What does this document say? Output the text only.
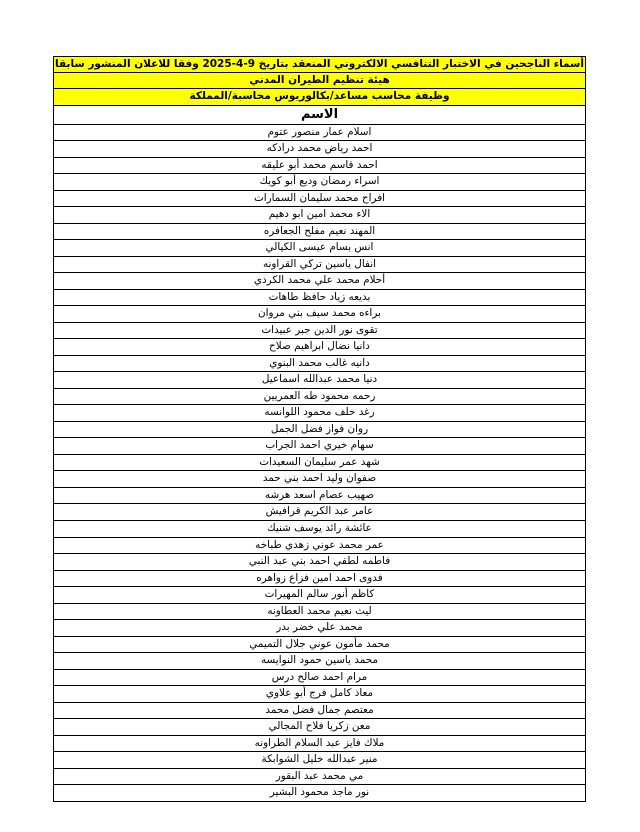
أسماء الناجحين في الاختبار التنافسي الالكتروني المنعقد بتاريخ 9-4-2025 وفقا للاعلان المنشور سابقا
هيئة تنظيم الطيران المدني
وظيفة محاسب مساعد/بكالوريوس محاسبة/المملكة
الاسم
اسلام عمار منصور عتوم
احمد رياض محمد درادكه
احمد قاسم محمد أبو عليقه
اسراء رمضان وديع أبو كويك
افراح محمد سليمان السمارات
الاء محمد امين ابو دهيم
المهند نعيم مفلح الجعافره
انس بسام عيسى الكيالي
انفال ياسين تركي القراونه
أحلام محمد علي محمد الكردي
بديعه زياد حافظ طاهات
براءه محمد سيف بني مروان
تقوى نور الدين جبر عبيدات
دانيا نضال ابراهيم صلاح
دانيه غالب محمد البنوي
دنيا محمد عبدالله اسماعيل
رحمه محمود طه العمريين
رغد خلف محمود اللوانسه
روان فواز فضل الجمل
سهام خيري احمد الجراب
شهد عمر سليمان السعيدات
صفوان وليد احمد بني حمد
صهيب عصام اسعد هرشه
عامر عبد الكريم قرافيش
عائشة رائد يوسف شنيك
عمر محمد عوني زهدي طباخه
فاطمه لطفي احمد بني عبد النبي
فدوى احمد امين فزاع زواهره
كاظم أنور سالم المهيرات
ليث نعيم محمد العطاونه
محمد علي خضر بدر
محمد مأمون عوني جلال التميمي
محمد ياسين حمود النوايسه
مرام احمد صالح درس
معاذ كامل فرج أبو علاوي
معتصم جمال فضل محمد
معن زكريا فلاح المجالي
ملاك فايز عبد السلام الطراونه
منير عبدالله خليل الشوابكة
مي محمد عبد البقور
نور ماجد محمود البشير
